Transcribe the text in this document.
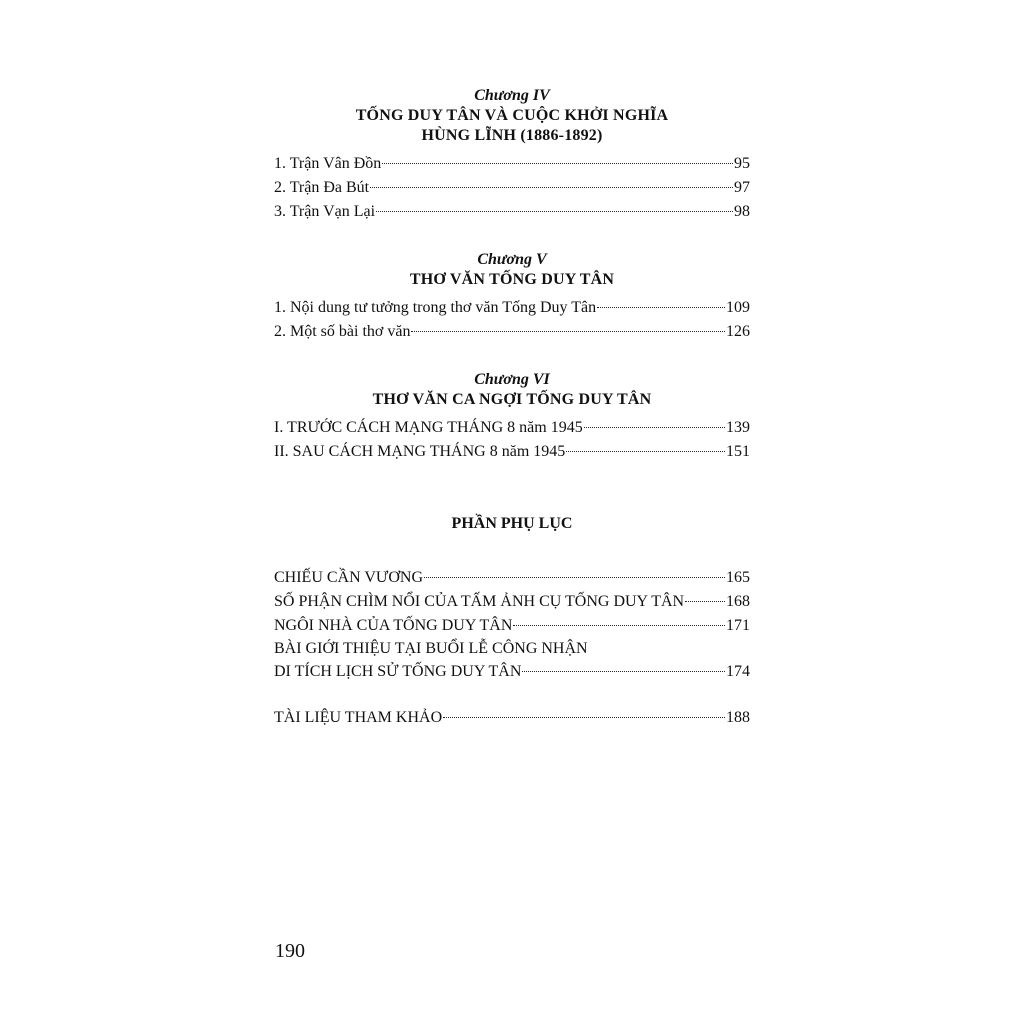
Chương IV
TỐNG DUY TÂN VÀ CUỘC KHỞI NGHĨA
HÙNG LĨNH (1886-1892)
1. Trận Vân Đồn	95
2. Trận Đa Bút	97
3. Trận Vạn Lại	98
Chương V
THƠ VĂN TỐNG DUY TÂN
1. Nội dung tư tưởng trong thơ văn Tống Duy Tân	109
2. Một số bài thơ văn	126
Chương VI
THƠ VĂN CA NGỢI TỐNG DUY TÂN
I. TRƯỚC CÁCH MẠNG THÁNG 8 năm 1945	139
II. SAU CÁCH MẠNG THÁNG 8 năm 1945	151
PHẦN PHỤ LỤC
CHIẾU CẦN VƯƠNG	165
SỐ PHẬN CHÌM NỔI CỦA TẤM ẢNH CỤ TỐNG DUY TÂN	168
NGÔI NHÀ CỦA TỐNG DUY TÂN	171
BÀI GIỚI THIỆU TẠI BUỔI LỄ CÔNG NHẬN
DI TÍCH LỊCH SỬ TỐNG DUY TÂN	174
TÀI LIỆU THAM KHẢO	188
190
